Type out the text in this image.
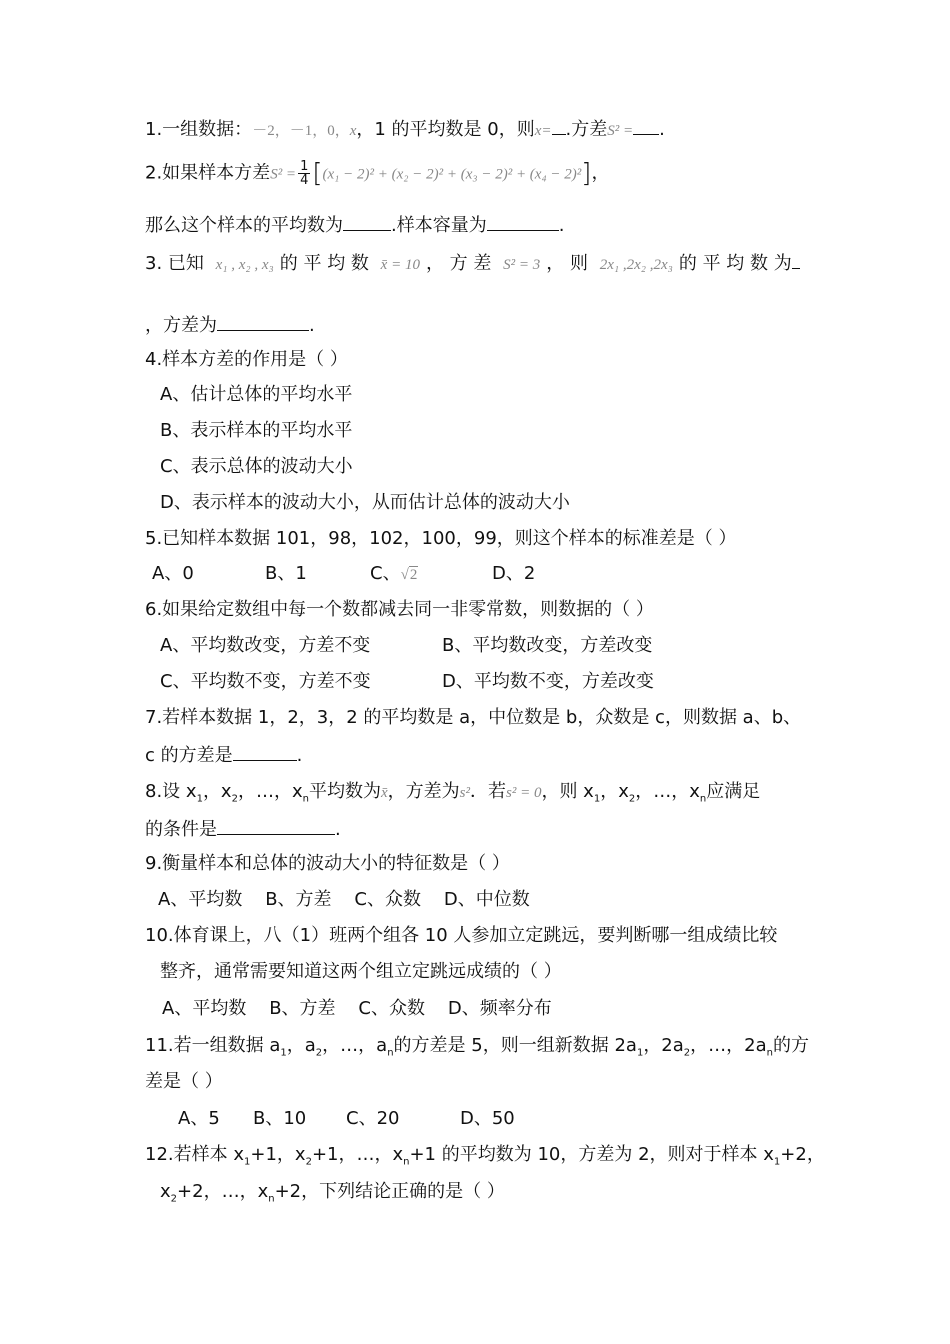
1.一组数据：－2，－1，0，x，1 的平均数是 0，则x= .方差S² = .
2.如果样本方差$S^2 = \frac{1}{4} [(x_1 - 2)^2 + (x_2 - 2)^2 + (x_3 - 2)^2 + (x_4 - 2)^2]$，
那么这个样本的平均数为	.样本容量为	.
3. 已知 x₁ , x₂ , x₃ 的 平 均 数 x̄ = 10 ， 方 差 S² = 3 ， 则 2x₁ ,2x₂ ,2x₃ 的 平 均 数 为
，方差为	.
4.样本方差的作用是（ ）
A、估计总体的平均水平
B、表示样本的平均水平
C、表示总体的波动大小
D、表示样本的波动大小，从而估计总体的波动大小
5.已知样本数据 101，98，102，100，99，则这个样本的标准差是（ ）
A、0	B、1	C、√2	D、2
6.如果给定数组中每一个数都减去同一非零常数，则数据的（ ）
A、平均数改变，方差不变	B、平均数改变，方差改变
C、平均数不变，方差不变	D、平均数不变，方差改变
7.若样本数据 1，2，3，2 的平均数是 a，中位数是 b，众数是 c，则数据 a、b、
c 的方差是	.
8.设 $x_1$，$x_2$，…，$x_n$平均数为x̄，方差为s²．若s² = 0，则 $x_1$，$x_2$，…，$x_n$应满足
的条件是	.
9.衡量样本和总体的波动大小的特征数是（ ）
A、平均数    B、方差    C、众数    D、中位数
10.体育课上，八（1）班两个组各 10 人参加立定跳远，要判断哪一组成绩比较
整齐，通常需要知道这两个组立定跳远成绩的（ ）
A、平均数    B、方差    C、众数    D、频率分布
11.若一组数据 $a_1$，$a_2$，…，$a_n$的方差是 5，则一组新数据 $2a_1$，$2a_2$，…，$2a_n$的方
差是（ ）
A、5 B、10 C、20	D、50
12.若样本 $x_1+1$，$x_2+1$，…，$x_n+1$ 的平均数为 10，方差为 2，则对于样本 $x_1+2$，
$x_2+2$，…，$x_n+2$，下列结论正确的是（ ）
